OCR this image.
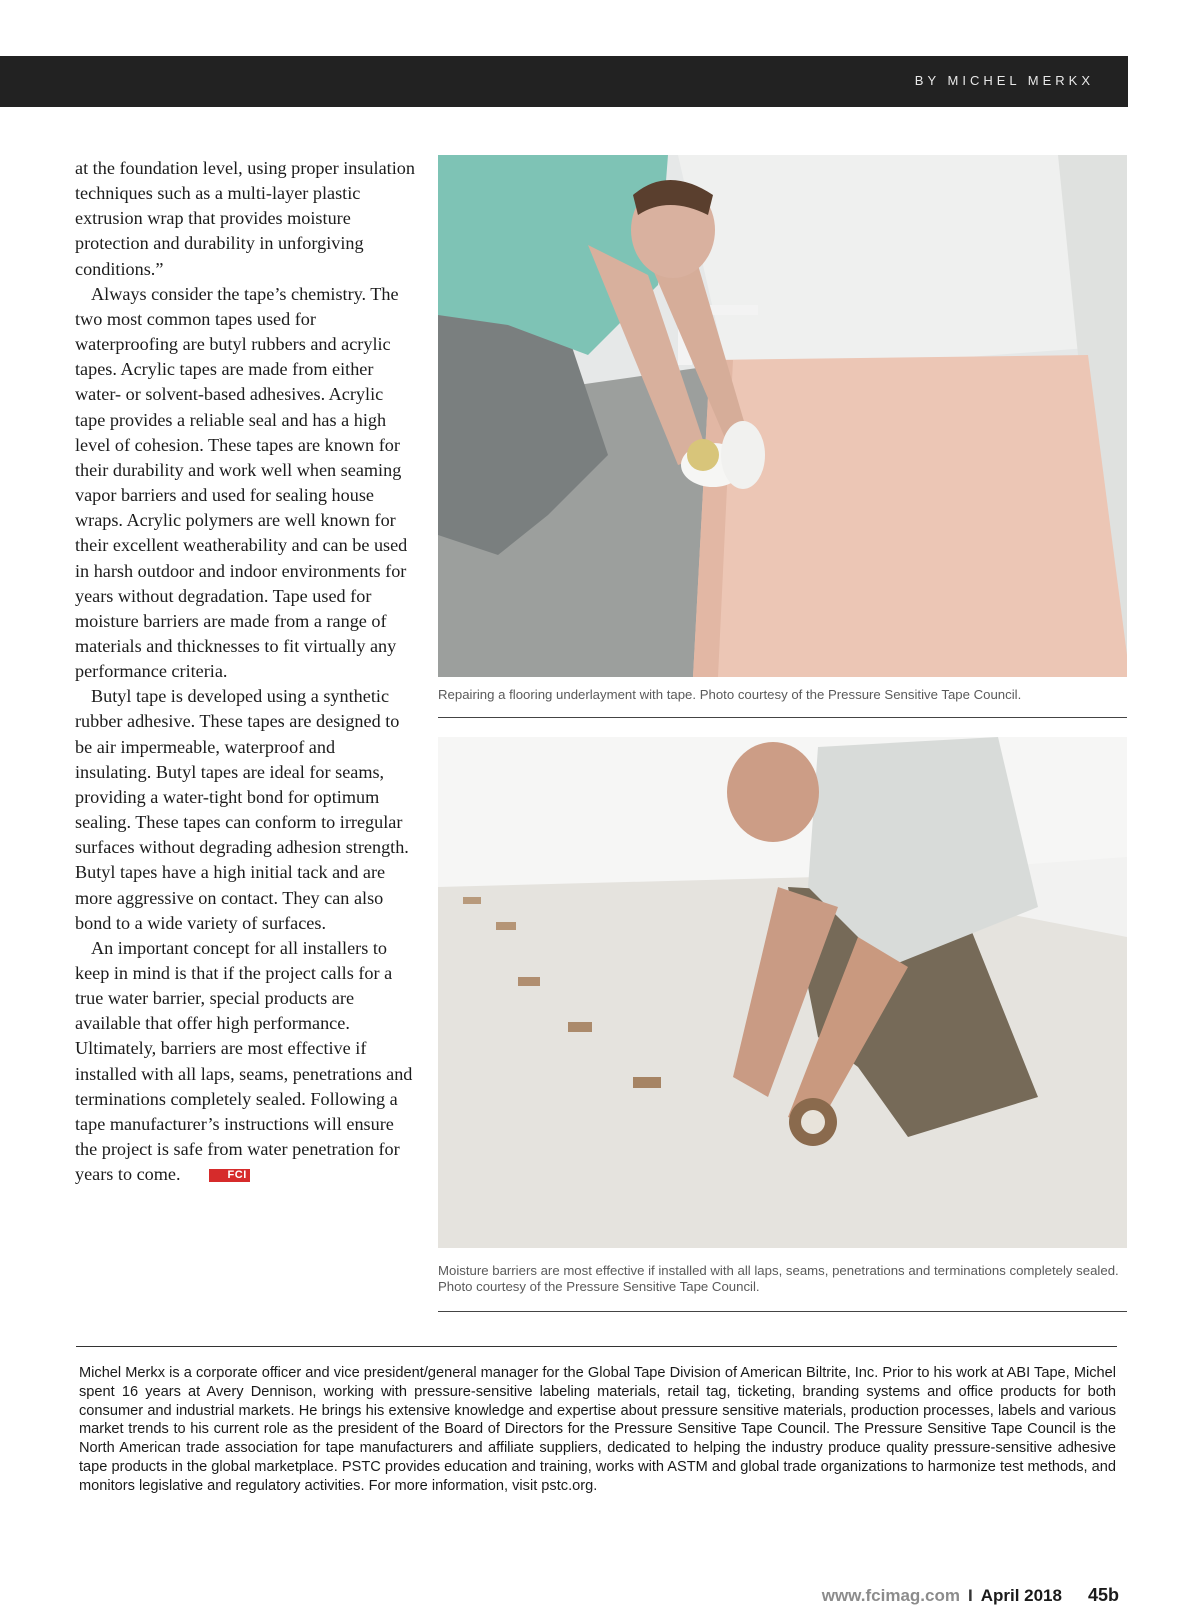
BY MICHEL MERKX

at the foundation level, using proper insulation techniques such as a multi-layer plastic extrusion wrap that provides moisture protection and durability in unforgiving conditions.”

Always consider the tape’s chemistry. The two most common tapes used for waterproofing are butyl rubbers and acrylic tapes. Acrylic tapes are made from either water- or solvent-based adhesives. Acrylic tape provides a reliable seal and has a high level of cohesion. These tapes are known for their durability and work well when seaming vapor barriers and used for sealing house wraps. Acrylic polymers are well known for their excellent weatherability and can be used in harsh outdoor and indoor environments for years without degradation. Tape used for moisture barriers are made from a range of materials and thicknesses to fit virtually any performance criteria.

Butyl tape is developed using a synthetic rubber adhesive. These tapes are designed to be air impermeable, waterproof and insulating. Butyl tapes are ideal for seams, providing a water-tight bond for optimum sealing. These tapes can conform to irregular surfaces without degrading adhesion strength. Butyl tapes have a high initial tack and are more aggressive on contact. They can also bond to a wide variety of surfaces.

An important concept for all installers to keep in mind is that if the project calls for a true water barrier, special products are available that offer high performance. Ultimately, barriers are most effective if installed with all laps, seams, penetrations and terminations completely sealed. Following a tape manufacturer’s instructions will ensure the project is safe from water penetration for years to come.	FCI

Repairing a flooring underlayment with tape. Photo courtesy of the Pressure Sensitive Tape Council.
Moisture barriers are most effective if installed with all laps, seams, penetrations and terminations completely sealed. Photo courtesy of the Pressure Sensitive Tape Council.
Michel Merkx is a corporate officer and vice president/general manager for the Global Tape Division of American Biltrite, Inc. Prior to his work at ABI Tape, Michel spent 16 years at Avery Dennison, working with pressure-sensitive labeling materials, retail tag, ticketing, branding systems and office products for both consumer and industrial markets. He brings his extensive knowledge and expertise about pressure sensitive materials, production processes, labels and various market trends to his current role as the president of the Board of Directors for the Pressure Sensitive Tape Council. The Pressure Sensitive Tape Council is the North American trade association for tape manufacturers and affiliate suppliers, dedicated to helping the industry produce quality pressure-sensitive adhesive tape products in the global marketplace. PSTC provides education and training, works with ASTM and global trade organizations to harmonize test methods, and monitors legislative and regulatory activities. For more information, visit pstc.org.
www.fcimag.com I April 2018 45b
